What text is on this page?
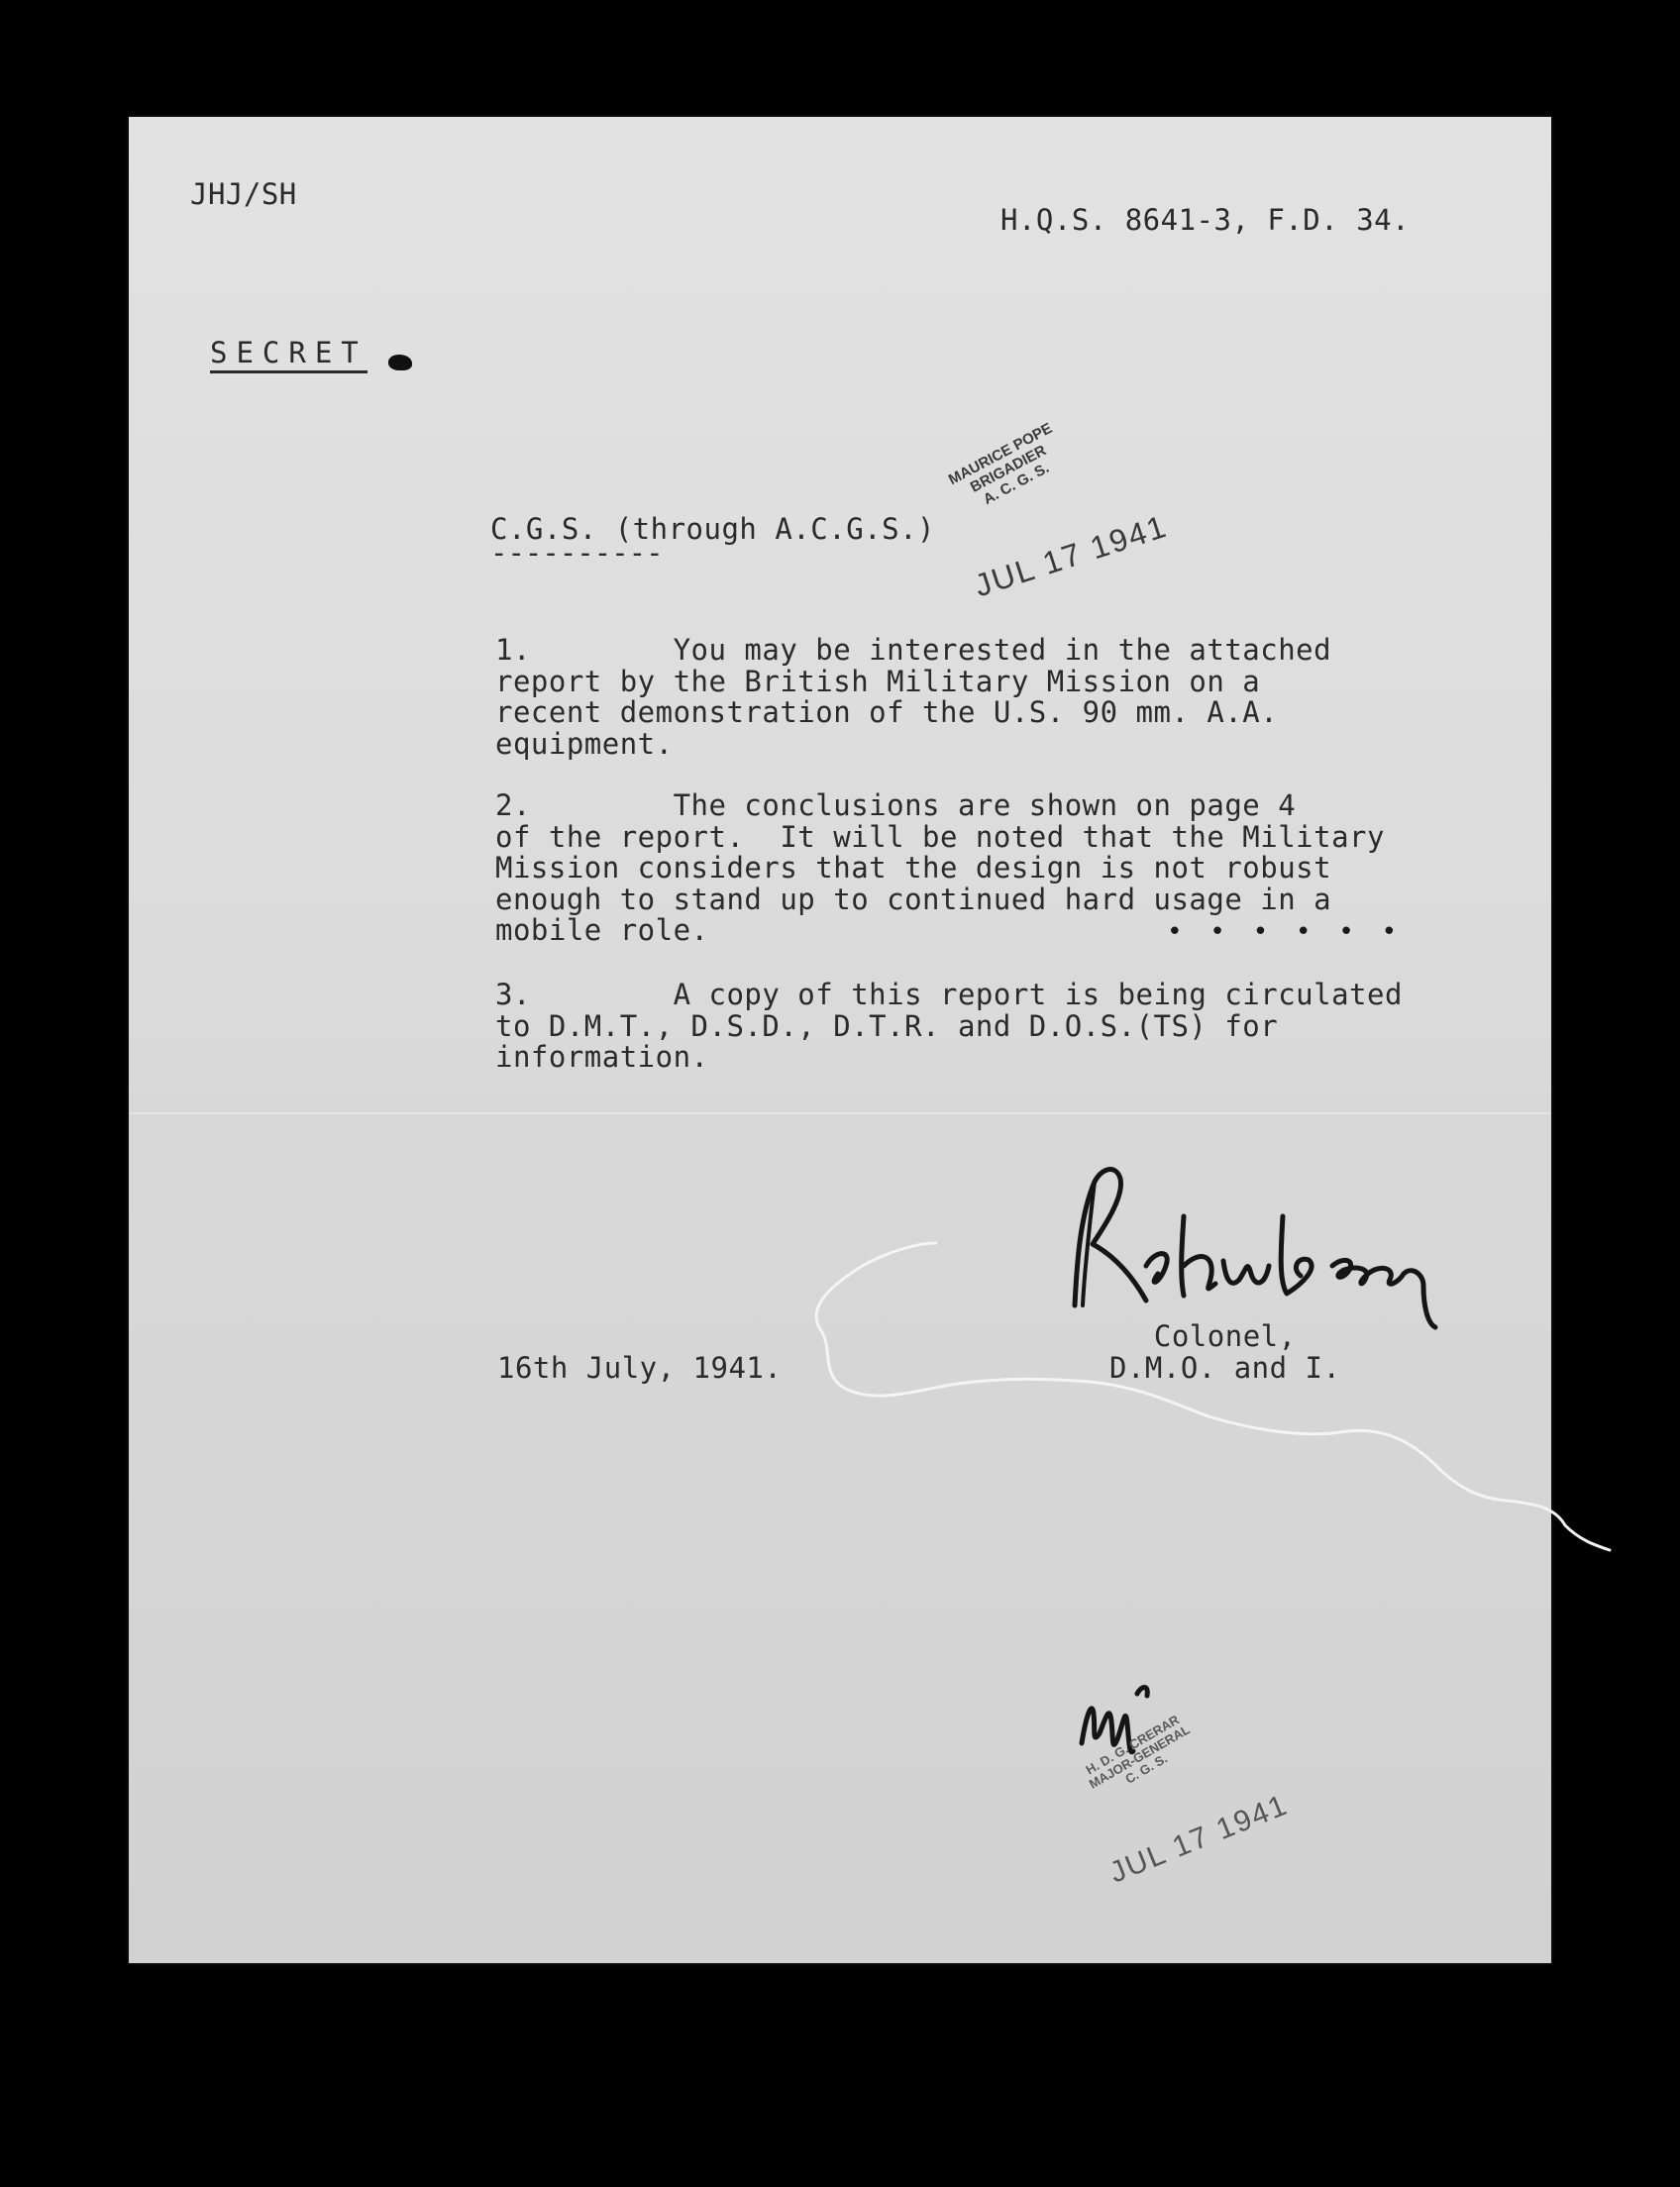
JHJ/SH
H.Q.S. 8641-3, F.D. 34.
SECRET
C.G.S. (through A.C.G.S.)
----------
MAURICE POPE
BRIGADIER
A. C. G. S.
JUL 17 1941
1.        You may be interested in the attached
report by the British Military Mission on a
recent demonstration of the U.S. 90 mm. A.A.
equipment.
2.        The conclusions are shown on page 4
of the report.  It will be noted that the Military
Mission considers that the design is not robust
enough to stand up to continued hard usage in a
mobile role.	• • • • • •
3.        A copy of this report is being circulated
to D.M.T., D.S.D., D.T.R. and D.O.S.(TS) for
information.
16th July, 1941.
Colonel,
D.M.O. and I.
H. D. G. CRERAR
MAJOR-GENERAL
C. G. S.
JUL 17 1941
